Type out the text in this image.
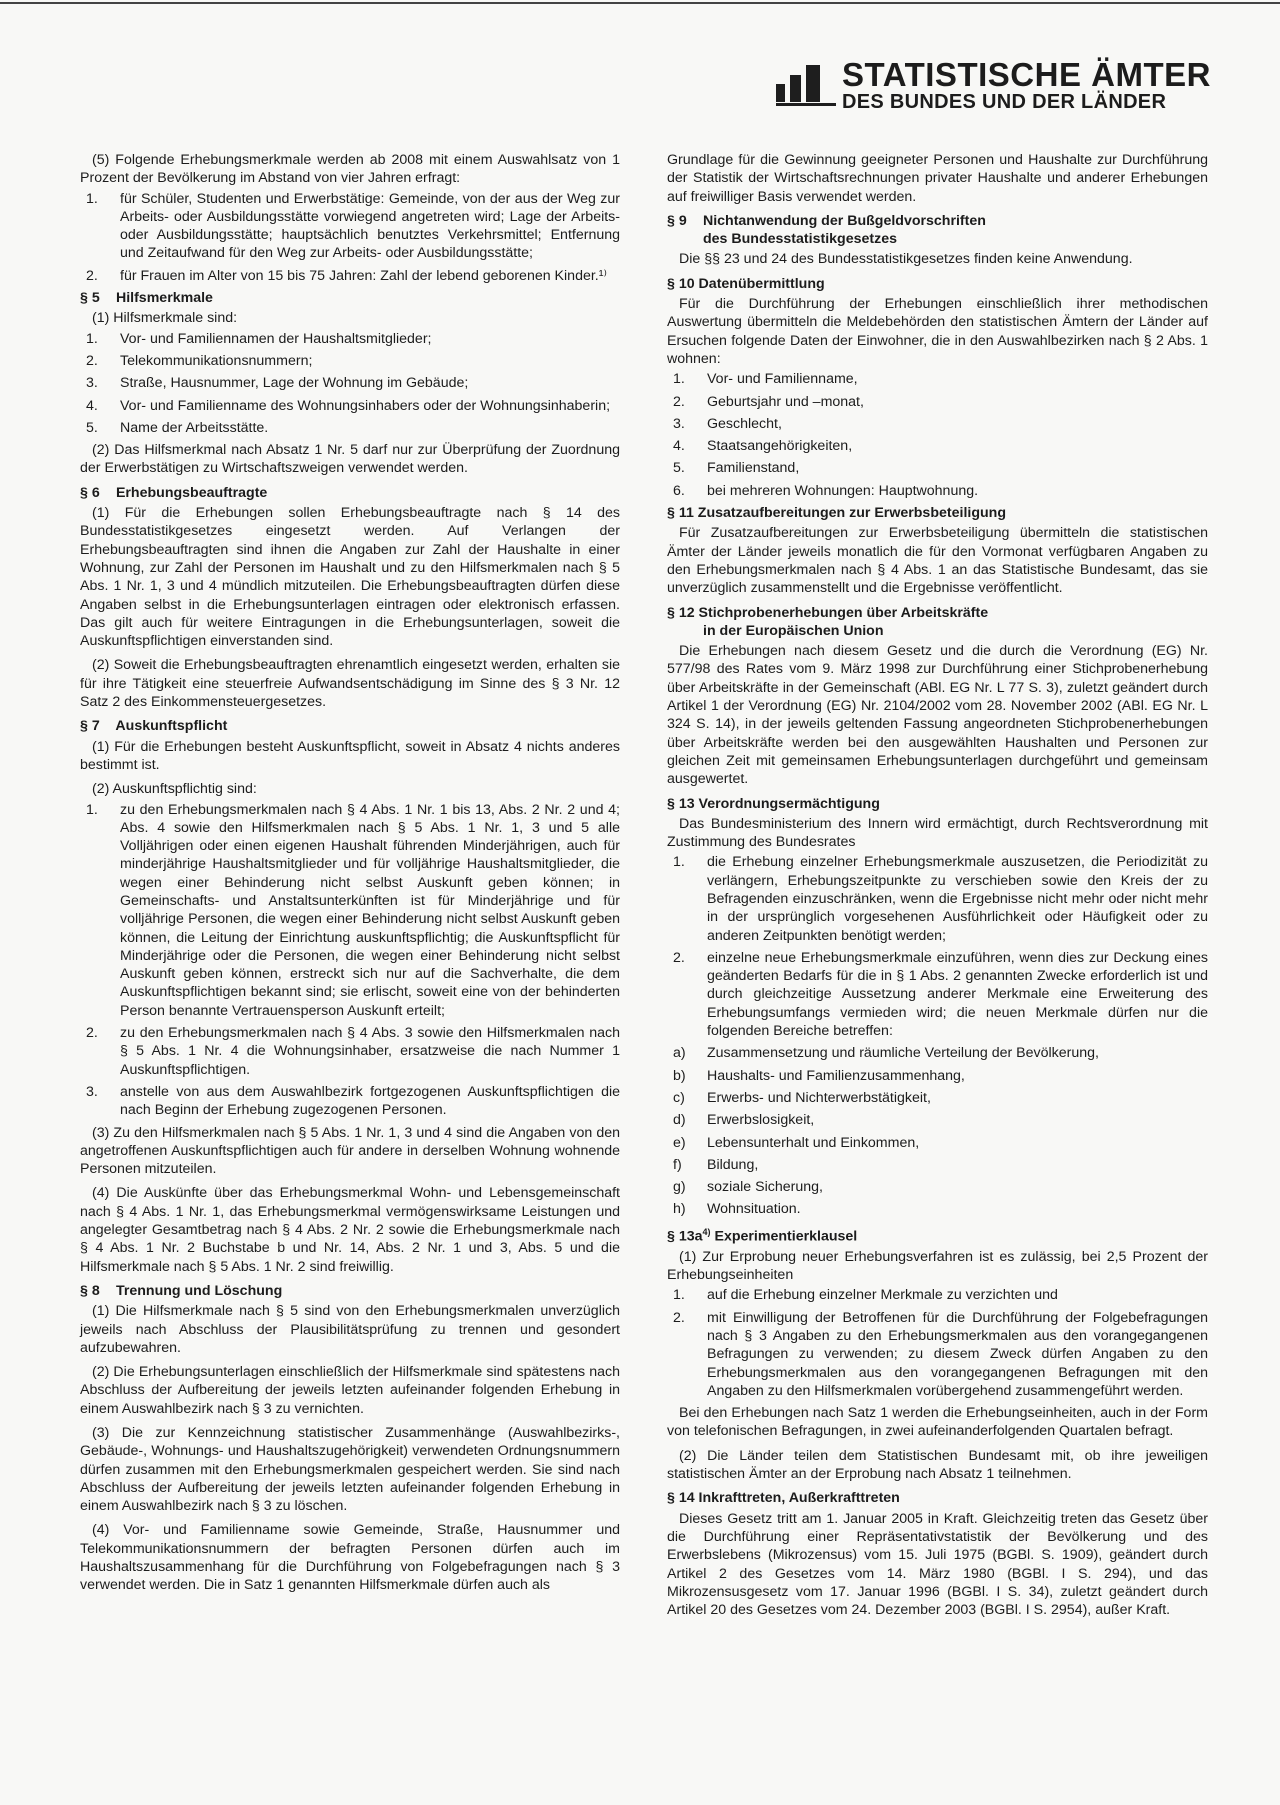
STATISTISCHE ÄMTER
DES BUNDES UND DER LÄNDER

(5) Folgende Erhebungsmerkmale werden ab 2008 mit einem Auswahlsatz von 1 Prozent der Bevölkerung im Abstand von vier Jahren erfragt:

1. für Schüler, Studenten und Erwerbstätige: Gemeinde, von der aus der Weg zur Arbeits- oder Ausbildungsstätte vorwiegend angetreten wird; Lage der Arbeits- oder Ausbildungsstätte; hauptsächlich benutztes Verkehrsmittel; Entfernung und Zeitaufwand für den Weg zur Arbeits- oder Ausbildungsstätte;
2. für Frauen im Alter von 15 bis 75 Jahren: Zahl der lebend geborenen Kinder.¹⁾
§ 5 Hilfsmerkmale

(1) Hilfsmerkmale sind:

1. Vor- und Familiennamen der Haushaltsmitglieder;
2. Telekommunikationsnummern;
3. Straße, Hausnummer, Lage der Wohnung im Gebäude;
4. Vor- und Familienname des Wohnungsinhabers oder der Wohnungsinhaberin;
5. Name der Arbeitsstätte.

(2) Das Hilfsmerkmal nach Absatz 1 Nr. 5 darf nur zur Überprüfung der Zuordnung der Erwerbstätigen zu Wirtschaftszweigen verwendet werden.

§ 6 Erhebungsbeauftragte

(1) Für die Erhebungen sollen Erhebungsbeauftragte nach § 14 des Bundesstatistikgesetzes eingesetzt werden. Auf Verlangen der Erhebungsbeauftragten sind ihnen die Angaben zur Zahl der Haushalte in einer Wohnung, zur Zahl der Personen im Haushalt und zu den Hilfsmerkmalen nach § 5 Abs. 1 Nr. 1, 3 und 4 mündlich mitzuteilen. Die Erhebungsbeauftragten dürfen diese Angaben selbst in die Erhebungsunterlagen eintragen oder elektronisch erfassen. Das gilt auch für weitere Eintragungen in die Erhebungsunterlagen, soweit die Auskunftspflichtigen einverstanden sind.

(2) Soweit die Erhebungsbeauftragten ehrenamtlich eingesetzt werden, erhalten sie für ihre Tätigkeit eine steuerfreie Aufwandsentschädigung im Sinne des § 3 Nr. 12 Satz 2 des Einkommensteuergesetzes.

§ 7 Auskunftspflicht

(1) Für die Erhebungen besteht Auskunftspflicht, soweit in Absatz 4 nichts anderes bestimmt ist.

(2) Auskunftspflichtig sind:

1. zu den Erhebungsmerkmalen nach § 4 Abs. 1 Nr. 1 bis 13, Abs. 2 Nr. 2 und 4; Abs. 4 sowie den Hilfsmerkmalen nach § 5 Abs. 1 Nr. 1, 3 und 5 alle Volljährigen oder einen eigenen Haushalt führenden Minderjährigen, auch für minderjährige Haushaltsmitglieder und für volljährige Haushaltsmitglieder, die wegen einer Behinderung nicht selbst Auskunft geben können; in Gemeinschafts- und Anstaltsunterkünften ist für Minderjährige und für volljährige Personen, die wegen einer Behinderung nicht selbst Auskunft geben können, die Leitung der Einrichtung auskunftspflichtig; die Auskunftspflicht für Minderjährige oder die Personen, die wegen einer Behinderung nicht selbst Auskunft geben können, erstreckt sich nur auf die Sachverhalte, die dem Auskunftspflichtigen bekannt sind; sie erlischt, soweit eine von der behinderten Person benannte Vertrauensperson Auskunft erteilt;
2. zu den Erhebungsmerkmalen nach § 4 Abs. 3 sowie den Hilfsmerkmalen nach § 5 Abs. 1 Nr. 4 die Wohnungsinhaber, ersatzweise die nach Nummer 1 Auskunftspflichtigen.
3. anstelle von aus dem Auswahlbezirk fortgezogenen Auskunftspflichtigen die nach Beginn der Erhebung zugezogenen Personen.

(3) Zu den Hilfsmerkmalen nach § 5 Abs. 1 Nr. 1, 3 und 4 sind die Angaben von den angetroffenen Auskunftspflichtigen auch für andere in derselben Wohnung wohnende Personen mitzuteilen.

(4) Die Auskünfte über das Erhebungsmerkmal Wohn- und Lebensgemeinschaft nach § 4 Abs. 1 Nr. 1, das Erhebungsmerkmal vermögenswirksame Leistungen und angelegter Gesamtbetrag nach § 4 Abs. 2 Nr. 2 sowie die Erhebungsmerkmale nach § 4 Abs. 1 Nr. 2 Buchstabe b und Nr. 14, Abs. 2 Nr. 1 und 3, Abs. 5 und die Hilfsmerkmale nach § 5 Abs. 1 Nr. 2 sind freiwillig.

§ 8 Trennung und Löschung

(1) Die Hilfsmerkmale nach § 5 sind von den Erhebungsmerkmalen unverzüglich jeweils nach Abschluss der Plausibilitätsprüfung zu trennen und gesondert aufzubewahren.

(2) Die Erhebungsunterlagen einschließlich der Hilfsmerkmale sind spätestens nach Abschluss der Aufbereitung der jeweils letzten aufeinander folgenden Erhebung in einem Auswahlbezirk nach § 3 zu vernichten.

(3) Die zur Kennzeichnung statistischer Zusammenhänge (Auswahlbezirks-, Gebäude-, Wohnungs- und Haushaltszugehörigkeit) verwendeten Ordnungsnummern dürfen zusammen mit den Erhebungsmerkmalen gespeichert werden. Sie sind nach Abschluss der Aufbereitung der jeweils letzten aufeinander folgenden Erhebung in einem Auswahlbezirk nach § 3 zu löschen.

(4) Vor- und Familienname sowie Gemeinde, Straße, Hausnummer und Telekommunikationsnummern der befragten Personen dürfen auch im Haushaltszusammenhang für die Durchführung von Folgebefragungen nach § 3 verwendet werden. Die in Satz 1 genannten Hilfsmerkmale dürfen auch als

Grundlage für die Gewinnung geeigneter Personen und Haushalte zur Durchführung der Statistik der Wirtschaftsrechnungen privater Haushalte und anderer Erhebungen auf freiwilliger Basis verwendet werden.

§ 9 Nichtanwendung der Bußgeldvorschriften
des Bundesstatistikgesetzes

Die §§ 23 und 24 des Bundesstatistikgesetzes finden keine Anwendung.

§ 10 Datenübermittlung

Für die Durchführung der Erhebungen einschließlich ihrer methodischen Auswertung übermitteln die Meldebehörden den statistischen Ämtern der Länder auf Ersuchen folgende Daten der Einwohner, die in den Auswahlbezirken nach § 2 Abs. 1 wohnen:

1. Vor- und Familienname,
2. Geburtsjahr und –monat,
3. Geschlecht,
4. Staatsangehörigkeiten,
5. Familienstand,
6. bei mehreren Wohnungen: Hauptwohnung.
§ 11 Zusatzaufbereitungen zur Erwerbsbeteiligung

Für Zusatzaufbereitungen zur Erwerbsbeteiligung übermitteln die statistischen Ämter der Länder jeweils monatlich die für den Vormonat verfügbaren Angaben zu den Erhebungsmerkmalen nach § 4 Abs. 1 an das Statistische Bundesamt, das sie unverzüglich zusammenstellt und die Ergebnisse veröffentlicht.

§ 12 Stichprobenerhebungen über Arbeitskräfte
in der Europäischen Union

Die Erhebungen nach diesem Gesetz und die durch die Verordnung (EG) Nr. 577/98 des Rates vom 9. März 1998 zur Durchführung einer Stichprobenerhebung über Arbeitskräfte in der Gemeinschaft (ABl. EG Nr. L 77 S. 3), zuletzt geändert durch Artikel 1 der Verordnung (EG) Nr. 2104/2002 vom 28. November 2002 (ABl. EG Nr. L 324 S. 14), in der jeweils geltenden Fassung angeordneten Stichprobenerhebungen über Arbeitskräfte werden bei den ausgewählten Haushalten und Personen zur gleichen Zeit mit gemeinsamen Erhebungsunterlagen durchgeführt und gemeinsam ausgewertet.

§ 13 Verordnungsermächtigung

Das Bundesministerium des Innern wird ermächtigt, durch Rechtsverordnung mit Zustimmung des Bundesrates

1. die Erhebung einzelner Erhebungsmerkmale auszusetzen, die Periodizität zu verlängern, Erhebungszeitpunkte zu verschieben sowie den Kreis der zu Befragenden einzuschränken, wenn die Ergebnisse nicht mehr oder nicht mehr in der ursprünglich vorgesehenen Ausführlichkeit oder Häufigkeit oder zu anderen Zeitpunkten benötigt werden;
2. einzelne neue Erhebungsmerkmale einzuführen, wenn dies zur Deckung eines geänderten Bedarfs für die in § 1 Abs. 2 genannten Zwecke erforderlich ist und durch gleichzeitige Aussetzung anderer Merkmale eine Erweiterung des Erhebungsumfangs vermieden wird; die neuen Merkmale dürfen nur die folgenden Bereiche betreffen:
a) Zusammensetzung und räumliche Verteilung der Bevölkerung,
b) Haushalts- und Familienzusammenhang,
c) Erwerbs- und Nichterwerbstätigkeit,
d) Erwerbslosigkeit,
e) Lebensunterhalt und Einkommen,
f) Bildung,
g) soziale Sicherung,
h) Wohnsituation.
§ $13a^{4)}$ Experimentierklausel

(1) Zur Erprobung neuer Erhebungsverfahren ist es zulässig, bei 2,5 Prozent der Erhebungseinheiten

1. auf die Erhebung einzelner Merkmale zu verzichten und
2. mit Einwilligung der Betroffenen für die Durchführung der Folgebefragungen nach § 3 Angaben zu den Erhebungsmerkmalen aus den vorangegangenen Befragungen zu verwenden; zu diesem Zweck dürfen Angaben zu den Erhebungsmerkmalen aus den vorangegangenen Befragungen mit den Angaben zu den Hilfsmerkmalen vorübergehend zusammengeführt werden.

Bei den Erhebungen nach Satz 1 werden die Erhebungseinheiten, auch in der Form von telefonischen Befragungen, in zwei aufeinanderfolgenden Quartalen befragt.

(2) Die Länder teilen dem Statistischen Bundesamt mit, ob ihre jeweiligen statistischen Ämter an der Erprobung nach Absatz 1 teilnehmen.

§ 14 Inkrafttreten, Außerkrafttreten

Dieses Gesetz tritt am 1. Januar 2005 in Kraft. Gleichzeitig treten das Gesetz über die Durchführung einer Repräsentativstatistik der Bevölkerung und des Erwerbslebens (Mikrozensus) vom 15. Juli 1975 (BGBl. S. 1909), geändert durch Artikel 2 des Gesetzes vom 14. März 1980 (BGBl. I S. 294), und das Mikrozensusgesetz vom 17. Januar 1996 (BGBl. I S. 34), zuletzt geändert durch Artikel 20 des Gesetzes vom 24. Dezember 2003 (BGBl. I S. 2954), außer Kraft.
